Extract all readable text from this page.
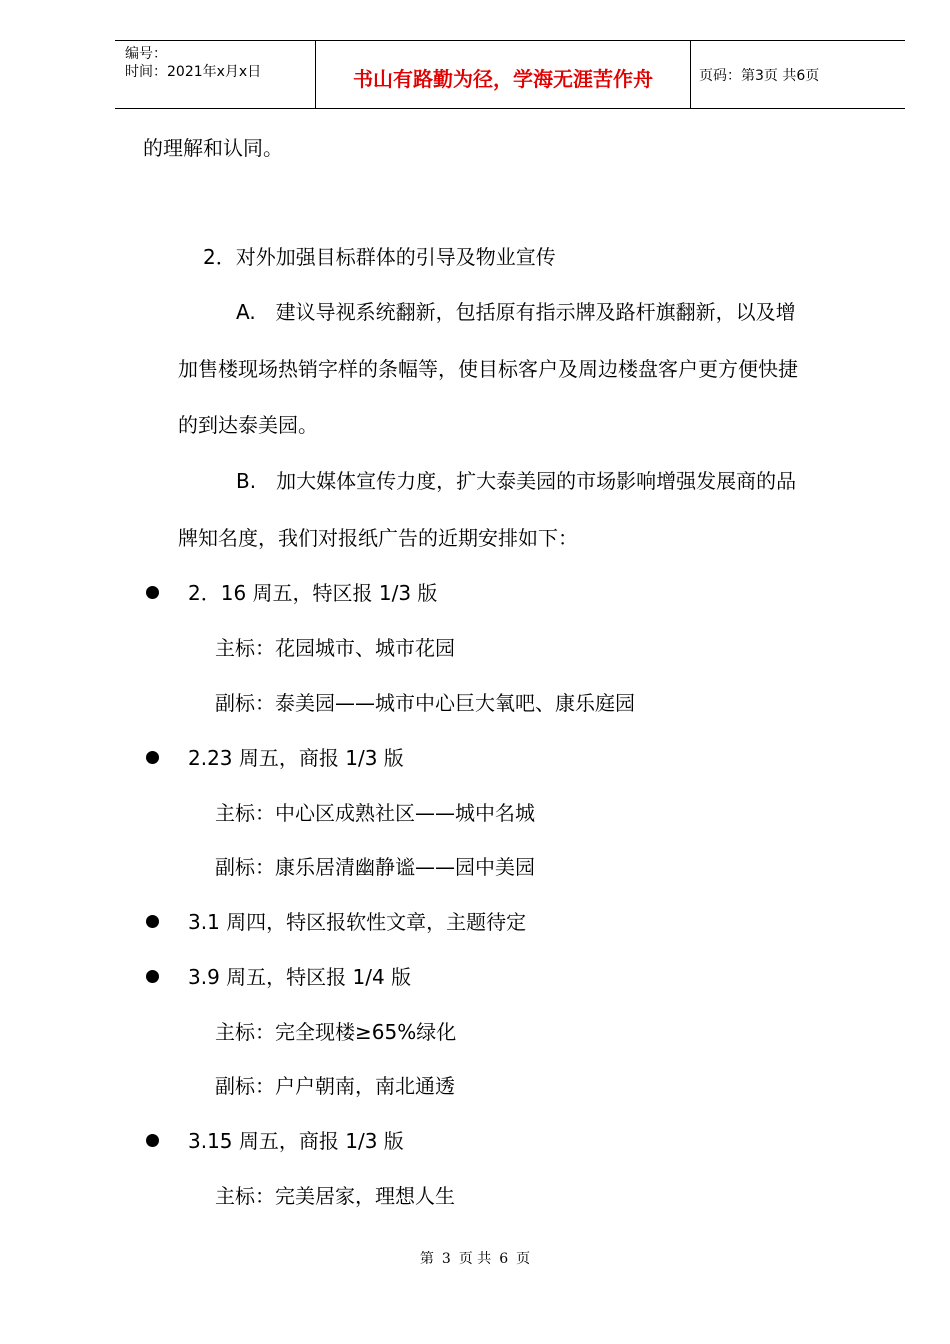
编号：
时间：2021年x月x日	书山有路勤为径，学海无涯苦作舟	页码：第3页 共6页
的理解和认同。
2．对外加强目标群体的引导及物业宣传
A.　建议导视系统翻新，包括原有指示牌及路杆旗翻新，以及增
加售楼现场热销字样的条幅等，使目标客户及周边楼盘客户更方便快捷
的到达泰美园。
B.　加大媒体宣传力度，扩大泰美园的市场影响增强发展商的品
牌知名度，我们对报纸广告的近期安排如下：
2．16 周五，特区报 1/3 版
主标：花园城市、城市花园
副标：泰美园——城市中心巨大氧吧、康乐庭园
2.23 周五，商报 1/3 版
主标：中心区成熟社区——城中名城
副标：康乐居清幽静谧——园中美园
3.1 周四，特区报软性文章，主题待定
3.9 周五，特区报 1/4 版
主标：完全现楼≥65%绿化
副标：户户朝南，南北通透
3.15 周五，商报 1/3 版
主标：完美居家，理想人生
第 3 页 共 6 页
